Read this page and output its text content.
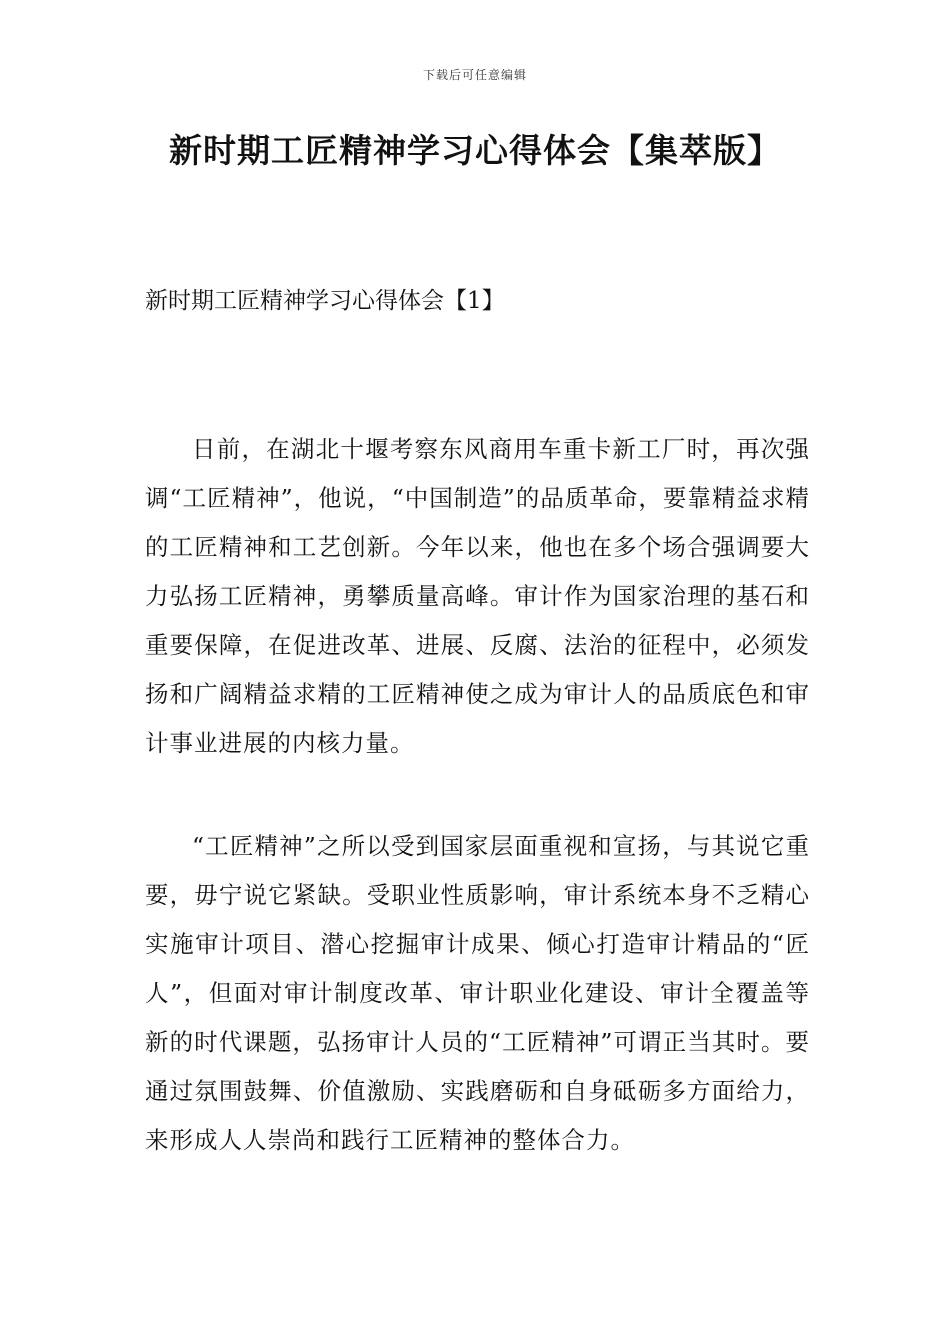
下载后可任意编辑
新时期工匠精神学习心得体会【集萃版】
新时期工匠精神学习心得体会【1】

日前，在湖北十堰考察东风商用车重卡新工厂时，再次强调“工匠精神”，他说，“中国制造”的品质革命，要靠精益求精的工匠精神和工艺创新。今年以来，他也在多个场合强调要大力弘扬工匠精神，勇攀质量高峰。审计作为国家治理的基石和重要保障，在促进改革、进展、反腐、法治的征程中，必须发扬和广阔精益求精的工匠精神使之成为审计人的品质底色和审计事业进展的内核力量。

“工匠精神”之所以受到国家层面重视和宣扬，与其说它重要，毋宁说它紧缺。受职业性质影响，审计系统本身不乏精心实施审计项目、潜心挖掘审计成果、倾心打造审计精品的“匠人”，但面对审计制度改革、审计职业化建设、审计全覆盖等新的时代课题，弘扬审计人员的“工匠精神”可谓正当其时。要通过氛围鼓舞、价值激励、实践磨砺和自身砥砺多方面给力，来形成人人崇尚和践行工匠精神的整体合力。
